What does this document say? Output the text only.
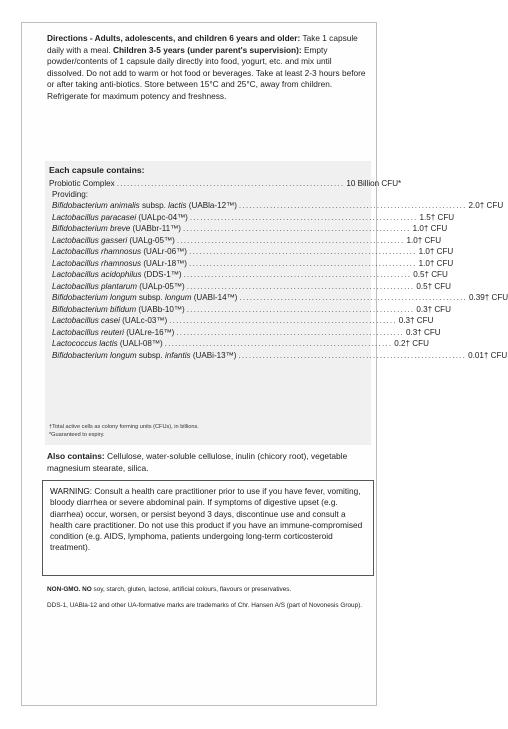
Directions - Adults, adolescents, and children 6 years and older: Take 1 capsule daily with a meal. Children 3-5 years (under parent's supervision): Empty powder/contents of 1 capsule daily directly into food, yogurt, etc. and mix until dissolved. Do not add to warm or hot food or beverages. Take at least 2-3 hours before or after taking anti-biotics. Store between 15°C and 25°C, away from children. Refrigerate for maximum potency and freshness.

Each capsule contains:
Probiotic Complex .................................................................. 10 Billion CFU*
Providing:
Bifidobacterium animalis subsp. lactis (UABla-12™) .................................................................. 2.0† CFU
Lactobacillus paracasei (UALpc-04™) .................................................................. 1.5† CFU
Bifidobacterium breve (UABbr-11™) .................................................................. 1.0† CFU
Lactobacillus gasseri (UALg-05™) .................................................................. 1.0† CFU
Lactobacillus rhamnosus (UALr-06™) .................................................................. 1.0† CFU
Lactobacillus rhamnosus (UALr-18™) .................................................................. 1.0† CFU
Lactobacillus acidophilus (DDS-1™) .................................................................. 0.5† CFU
Lactobacillus plantarum (UALp-05™) .................................................................. 0.5† CFU
Bifidobacterium longum subsp. longum (UABl-14™) .................................................................. 0.39† CFU
Bifidobacterium bifidum (UABb-10™) .................................................................. 0.3† CFU
Lactobacillus casei (UALc-03™) .................................................................. 0.3† CFU
Lactobacillus reuteri (UALre-16™) .................................................................. 0.3† CFU
Lactococcus lactis (UALl-08™) .................................................................. 0.2† CFU
Bifidobacterium longum subsp. infantis (UABi-13™) .................................................................. 0.01† CFU
†Total active cells as colony forming units (CFUs), in billions.
*Guaranteed to expiry.

Also contains: Cellulose, water-soluble cellulose, inulin (chicory root), vegetable magnesium stearate, silica.

WARNING: Consult a health care practitioner prior to use if you have fever, vomiting, bloody diarrhea or severe abdominal pain. If symptoms of digestive upset (e.g. diarrhea) occur, worsen, or persist beyond 3 days, discontinue use and consult a health care practitioner. Do not use this product if you have an immune-compromised condition (e.g. AIDS, lymphoma, patients undergoing long-term corticosteroid treatment).
NON-GMO. NO soy, starch, gluten, lactose, artificial colours, flavours or preservatives.
DDS-1, UABla-12 and other UA-formative marks are trademarks of Chr. Hansen A/S (part of Novonesis Group).
